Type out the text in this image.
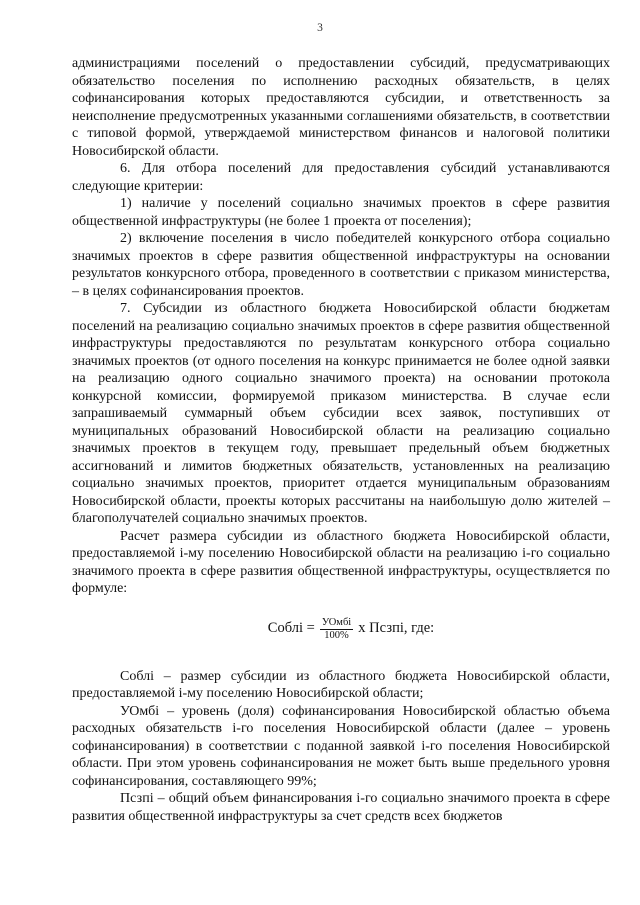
3

администрациями поселений о предоставлении субсидий, предусматривающих обязательство поселения по исполнению расходных обязательств, в целях софинансирования которых предоставляются субсидии, и ответственность за неисполнение предусмотренных указанными соглашениями обязательств, в соответствии с типовой формой, утверждаемой министерством финансов и налоговой политики Новосибирской области.

6. Для отбора поселений для предоставления субсидий устанавливаются следующие критерии:

1) наличие у поселений социально значимых проектов в сфере развития общественной инфраструктуры (не более 1 проекта от поселения);

2) включение поселения в число победителей конкурсного отбора социально значимых проектов в сфере развития общественной инфраструктуры на основании результатов конкурсного отбора, проведенного в соответствии с приказом министерства, – в целях софинансирования проектов.

7. Субсидии из областного бюджета Новосибирской области бюджетам поселений на реализацию социально значимых проектов в сфере развития общественной инфраструктуры предоставляются по результатам конкурсного отбора социально значимых проектов (от одного поселения на конкурс принимается не более одной заявки на реализацию одного социально значимого проекта) на основании протокола конкурсной комиссии, формируемой приказом министерства. В случае если запрашиваемый суммарный объем субсидии всех заявок, поступивших от муниципальных образований Новосибирской области на реализацию социально значимых проектов в текущем году, превышает предельный объем бюджетных ассигнований и лимитов бюджетных обязательств, установленных на реализацию социально значимых проектов, приоритет отдается муниципальным образованиям Новосибирской области, проекты которых рассчитаны на наибольшую долю жителей – благополучателей социально значимых проектов.

Расчет размера субсидии из областного бюджета Новосибирской области, предоставляемой i-му поселению Новосибирской области на реализацию i-го социально значимого проекта в сфере развития общественной инфраструктуры, осуществляется по формуле:

Соблi = $\frac{\text{УОмбi}}{100\%}$ х Псзпi, где:

Соблi – размер субсидии из областного бюджета Новосибирской области, предоставляемой i-му поселению Новосибирской области;

УОмбi – уровень (доля) софинансирования Новосибирской областью объема расходных обязательств i-го поселения Новосибирской области (далее – уровень софинансирования) в соответствии с поданной заявкой i-го поселения Новосибирской области. При этом уровень софинансирования не может быть выше предельного уровня софинансирования, составляющего 99%;

Псзпi – общий объем финансирования i-го социально значимого проекта в сфере развития общественной инфраструктуры за счет средств всех бюджетов
